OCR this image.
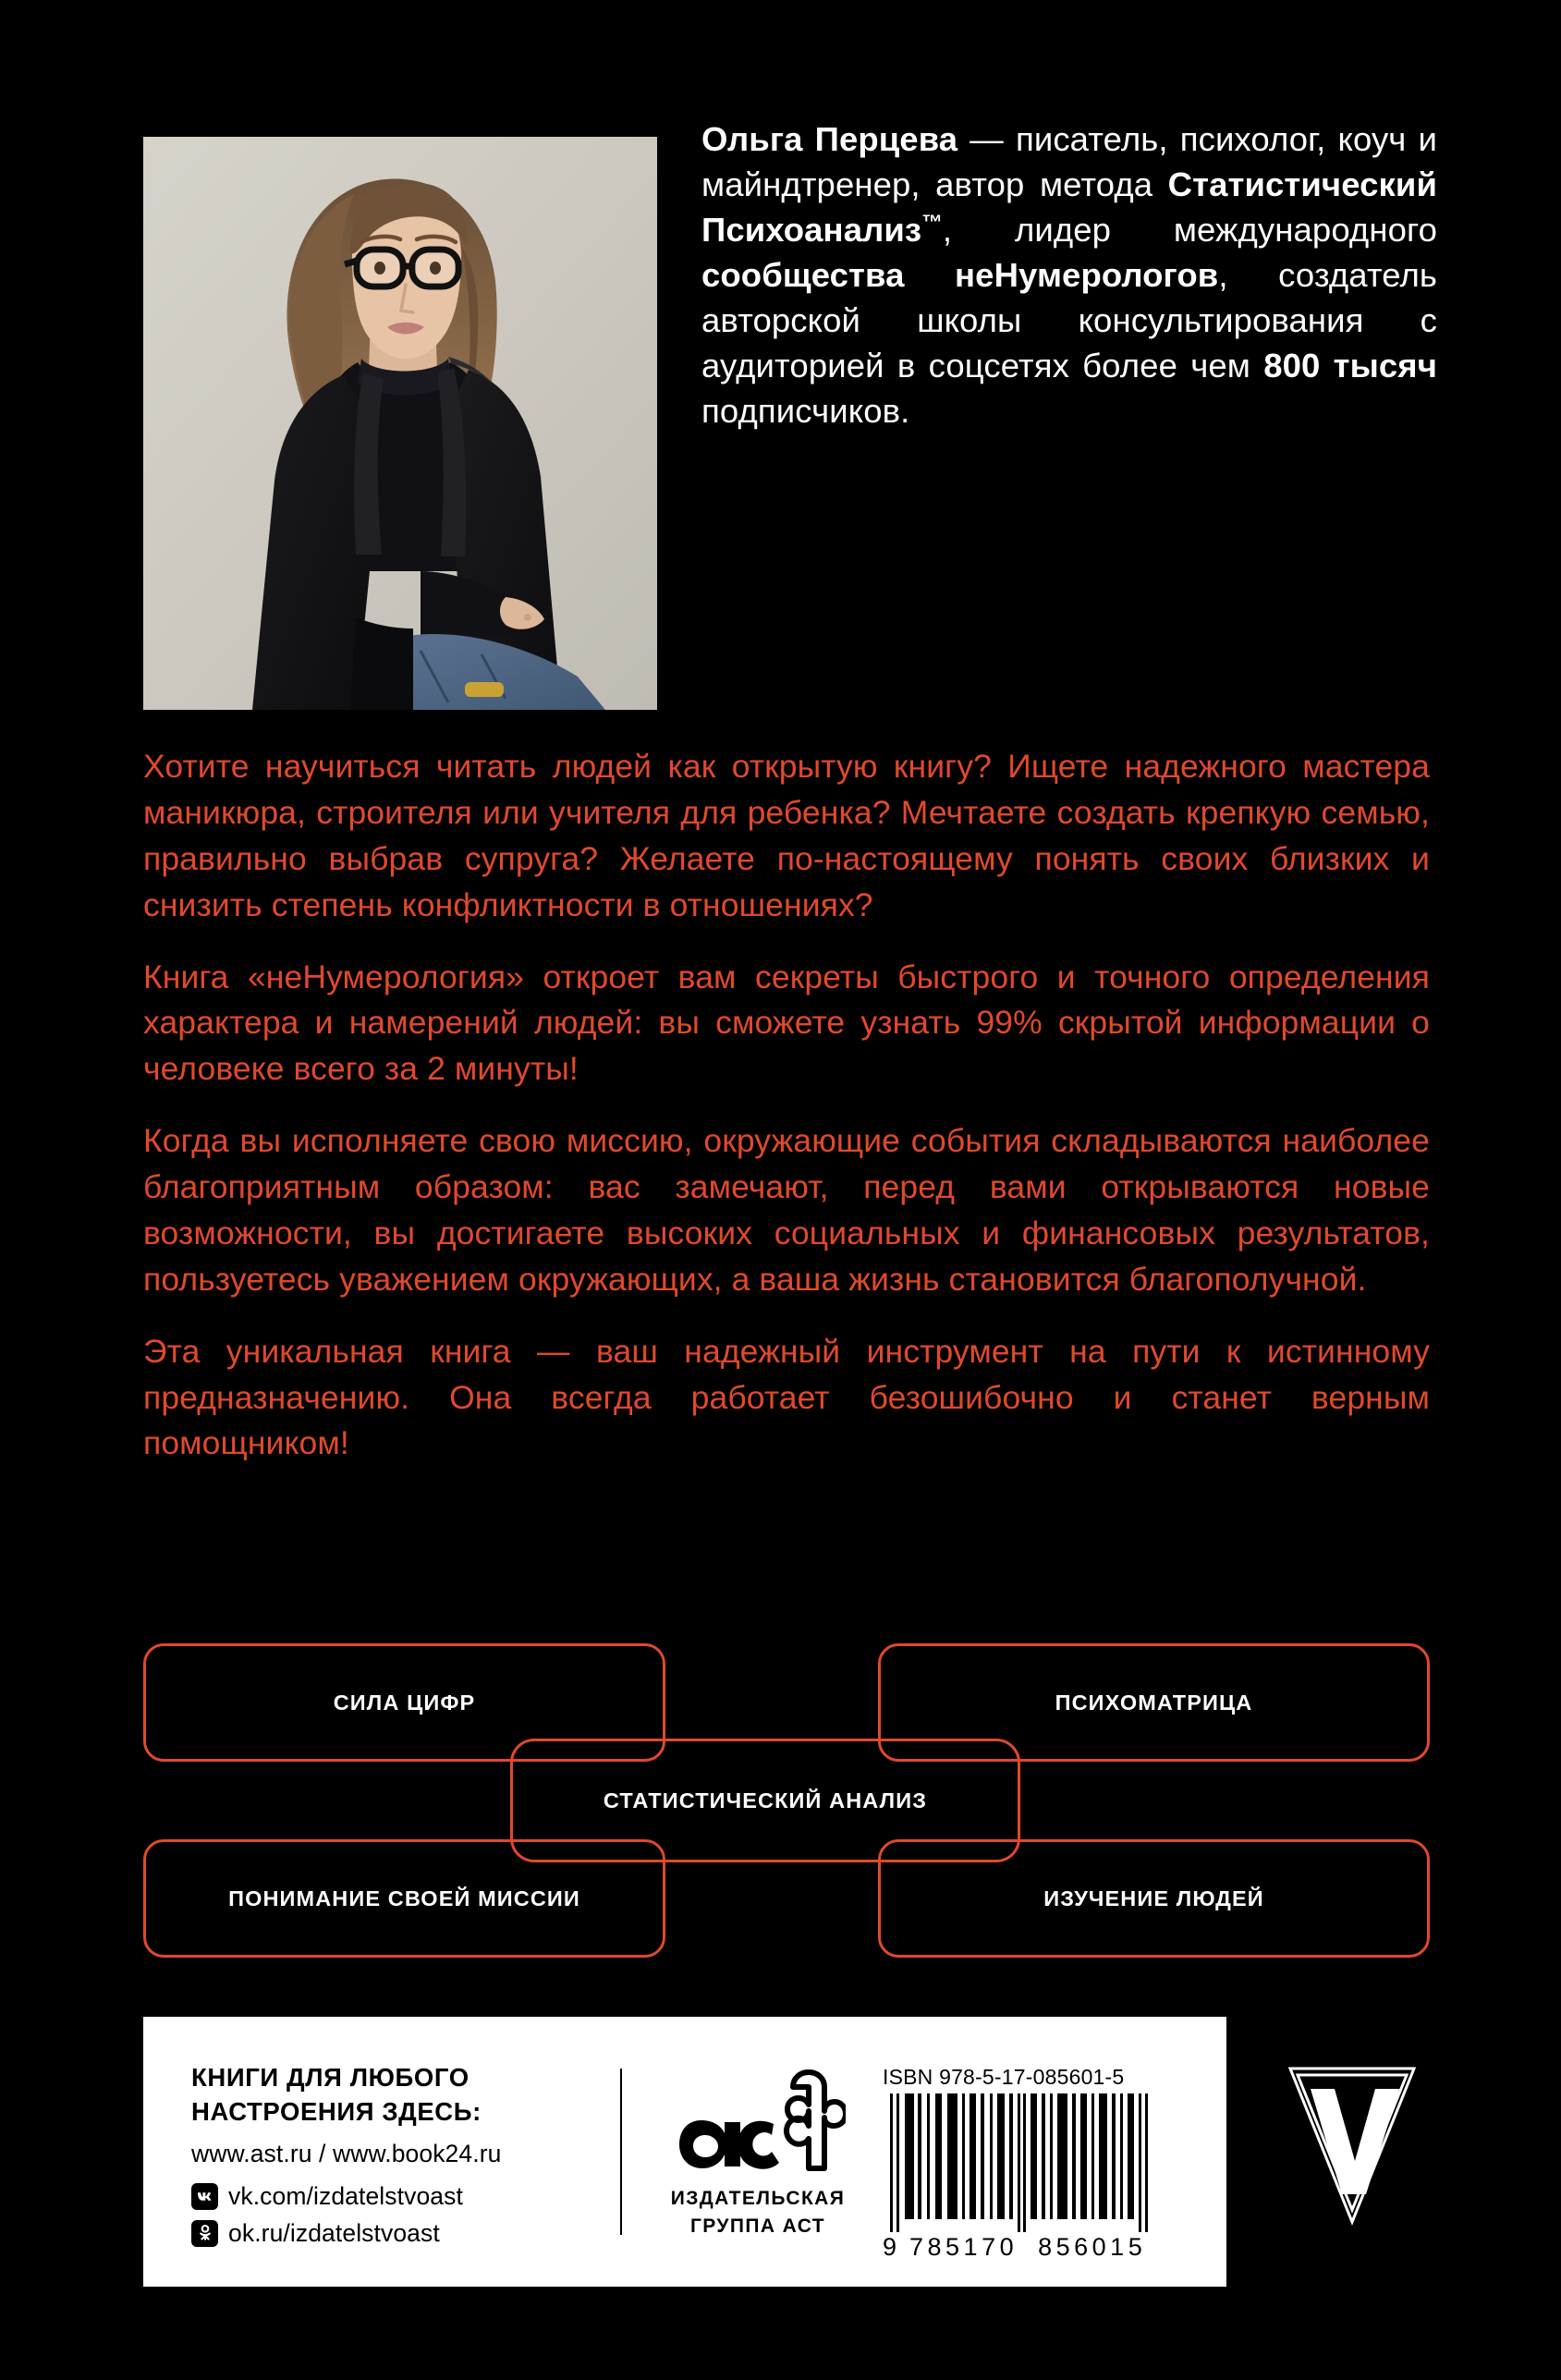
Ольга Перцева — писатель, психолог, коуч и майндтренер, автор метода Статистический Психоанализ™, лидер международного сообщества неНумерологов, создатель авторской школы консультирования с аудиторией в соцсетях более чем 800 тысяч подписчиков.

Хотите научиться читать людей как открытую книгу? Ищете надежного мастера маникюра, строителя или учителя для ребенка? Мечтаете создать крепкую семью, правильно выбрав супруга? Желаете по-настоящему понять своих близких и снизить степень конфликтности в отношениях?

Книга «неНумерология» откроет вам секреты быстрого и точного определения характера и намерений людей: вы сможете узнать 99% скрытой информации о человеке всего за 2 минуты!

Когда вы исполняете свою миссию, окружающие события складываются наиболее благоприятным образом: вас замечают, перед вами открываются новые возможности, вы достигаете высоких социальных и финансовых результатов, пользуетесь уважением окружающих, а ваша жизнь становится благополучной.

Эта уникальная книга — ваш надежный инструмент на пути к истинному предназначению. Она всегда работает безошибочно и станет верным помощником!

СИЛА ЦИФР	ПСИХОМАТРИЦА
ПОНИМАНИЕ СВОЕЙ МИССИИ	ИЗУЧЕНИЕ ЛЮДЕЙ
СТАТИСТИЧЕСКИЙ АНАЛИЗ
КНИГИ ДЛЯ ЛЮБОГО
НАСТРОЕНИЯ ЗДЕСЬ:
www.ast.ru / www.book24.ru
vk.com/izdatelstvoast
ok.ru/izdatelstvoast
ИЗДАТЕЛЬСКАЯ
ГРУППА АСТ
ISBN 978-5-17-085601-5
9 785170 856015
